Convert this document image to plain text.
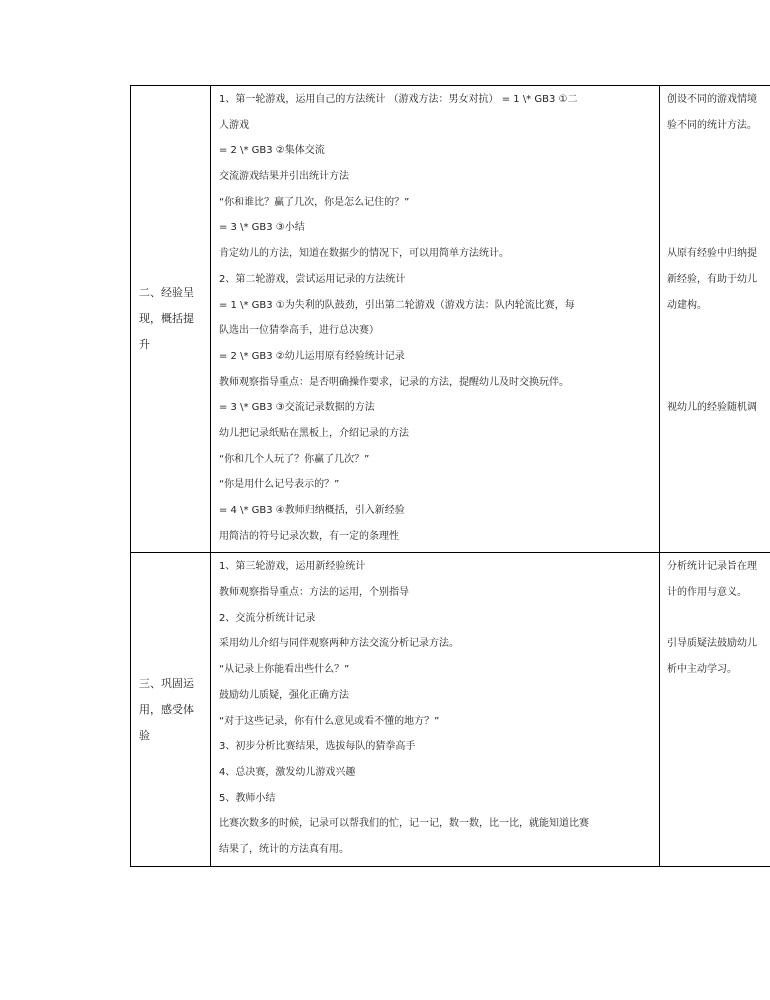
二、经验呈现，概括提升
1、第一轮游戏，运用自己的方法统计 （游戏方法：男女对抗） = 1 \* GB3 ①二
人游戏
= 2 \* GB3 ②集体交流
交流游戏结果并引出统计方法
“你和谁比？赢了几次，你是怎么记住的？”
= 3 \* GB3 ③小结
肯定幼儿的方法，知道在数据少的情况下，可以用简单方法统计。
2、第二轮游戏，尝试运用记录的方法统计
= 1 \* GB3 ①为失利的队鼓劲，引出第二轮游戏（游戏方法：队内轮流比赛，每
队选出一位猜拳高手，进行总决赛）
= 2 \* GB3 ②幼儿运用原有经验统计记录
教师观察指导重点：是否明确操作要求，记录的方法，提醒幼儿及时交换玩伴。
= 3 \* GB3 ③交流记录数据的方法
幼儿把记录纸贴在黑板上，介绍记录的方法
“你和几个人玩了？你赢了几次？”
“你是用什么记号表示的？”
= 4 \* GB3 ④教师归纳概括，引入新经验
用简洁的符号记录次数，有一定的条理性
创设不同的游戏情境
验不同的统计方法。
从原有经验中归纳提
新经验，有助于幼儿
动建构。
视幼儿的经验随机调
三、巩固运用，感受体验
1、第三轮游戏，运用新经验统计
教师观察指导重点：方法的运用，个别指导
2、交流分析统计记录
采用幼儿介绍与同伴观察两种方法交流分析记录方法。
“从记录上你能看出些什么？”
鼓励幼儿质疑，强化正确方法
“对于这些记录，你有什么意见或看不懂的地方？”
3、初步分析比赛结果，选拔每队的猜拳高手
4、总决赛，激发幼儿游戏兴趣
5、教师小结
比赛次数多的时候，记录可以帮我们的忙，记一记，数一数，比一比，就能知道比赛
结果了，统计的方法真有用。
分析统计记录旨在理
计的作用与意义。
引导质疑法鼓励幼儿
析中主动学习。
